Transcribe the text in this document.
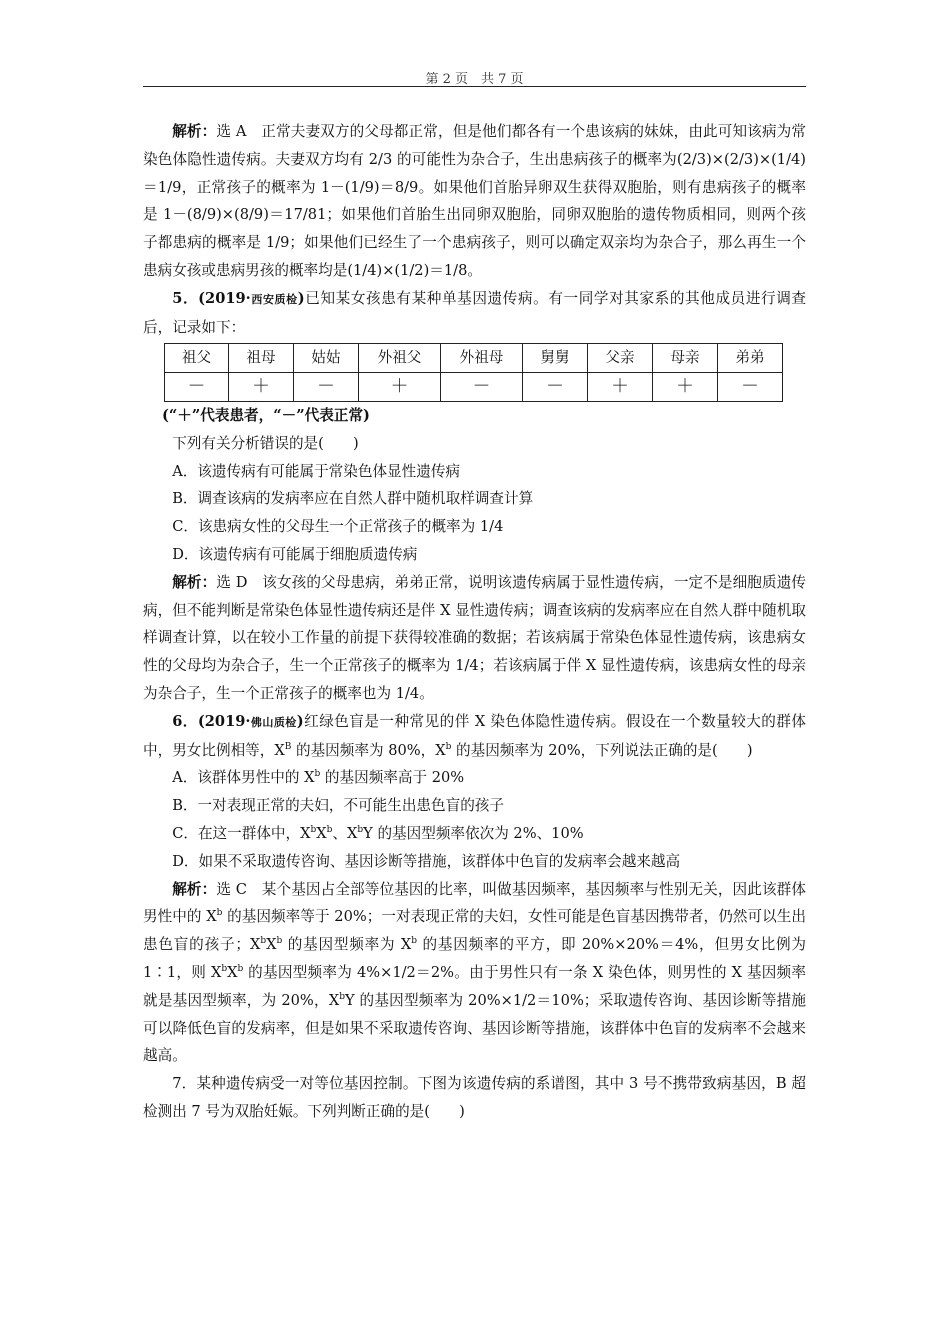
第 2 页　共 7 页

解析：选 A　正常夫妻双方的父母都正常，但是他们都各有一个患该病的妹妹，由此可知该病为常染色体隐性遗传病。夫妻双方均有 2/3 的可能性为杂合子，生出患病孩子的概率为(2/3)×(2/3)×(1/4)＝1/9，正常孩子的概率为 1－(1/9)＝8/9。如果他们首胎异卵双生获得双胞胎，则有患病孩子的概率是 1－(8/9)×(8/9)＝17/81；如果他们首胎生出同卵双胞胎，同卵双胞胎的遗传物质相同，则两个孩子都患病的概率是 1/9；如果他们已经生了一个患病孩子，则可以确定双亲均为杂合子，那么再生一个患病女孩或患病男孩的概率均是(1/4)×(1/2)＝1/8。

5．(2019·西安质检)已知某女孩患有某种单基因遗传病。有一同学对其家系的其他成员进行调查后，记录如下：

祖父	祖母	姑姑	外祖父	外祖母	舅舅	父亲	母亲	弟弟
－	＋	－	＋	－	－	＋	＋	－

(“＋”代表患者，“－”代表正常)

下列有关分析错误的是(　　)

A．该遗传病有可能属于常染色体显性遗传病

B．调查该病的发病率应在自然人群中随机取样调查计算

C．该患病女性的父母生一个正常孩子的概率为 1/4

D．该遗传病有可能属于细胞质遗传病

解析：选 D　该女孩的父母患病，弟弟正常，说明该遗传病属于显性遗传病，一定不是细胞质遗传病，但不能判断是常染色体显性遗传病还是伴 X 显性遗传病；调查该病的发病率应在自然人群中随机取样调查计算，以在较小工作量的前提下获得较准确的数据；若该病属于常染色体显性遗传病，该患病女性的父母均为杂合子，生一个正常孩子的概率为 1/4；若该病属于伴 X 显性遗传病，该患病女性的母亲为杂合子，生一个正常孩子的概率也为 1/4。

6．(2019·佛山质检)红绿色盲是一种常见的伴 X 染色体隐性遗传病。假设在一个数量较大的群体中，男女比例相等，$X^B$ 的基因频率为 80%，$X^b$ 的基因频率为 20%，下列说法正确的是(　　)

A．该群体男性中的 $X^b$ 的基因频率高于 20%

B．一对表现正常的夫妇，不可能生出患色盲的孩子

C．在这一群体中，$X^bX^b$、$X^bY$ 的基因型频率依次为 2%、10%

D．如果不采取遗传咨询、基因诊断等措施，该群体中色盲的发病率会越来越高

解析：选 C　某个基因占全部等位基因的比率，叫做基因频率，基因频率与性别无关，因此该群体男性中的 $X^b$ 的基因频率等于 20%；一对表现正常的夫妇，女性可能是色盲基因携带者，仍然可以生出患色盲的孩子；$X^bX^b$ 的基因型频率为 $X^b$ 的基因频率的平方，即 20%×20%＝4%，但男女比例为 1∶1，则 $X^bX^b$ 的基因型频率为 4%×1/2＝2%。由于男性只有一条 X 染色体，则男性的 X 基因频率就是基因型频率，为 20%，$X^bY$ 的基因型频率为 20%×1/2＝10%；采取遗传咨询、基因诊断等措施可以降低色盲的发病率，但是如果不采取遗传咨询、基因诊断等措施，该群体中色盲的发病率不会越来越高。

7．某种遗传病受一对等位基因控制。下图为该遗传病的系谱图，其中 3 号不携带致病基因，B 超检测出 7 号为双胎妊娠。下列判断正确的是(　　)
